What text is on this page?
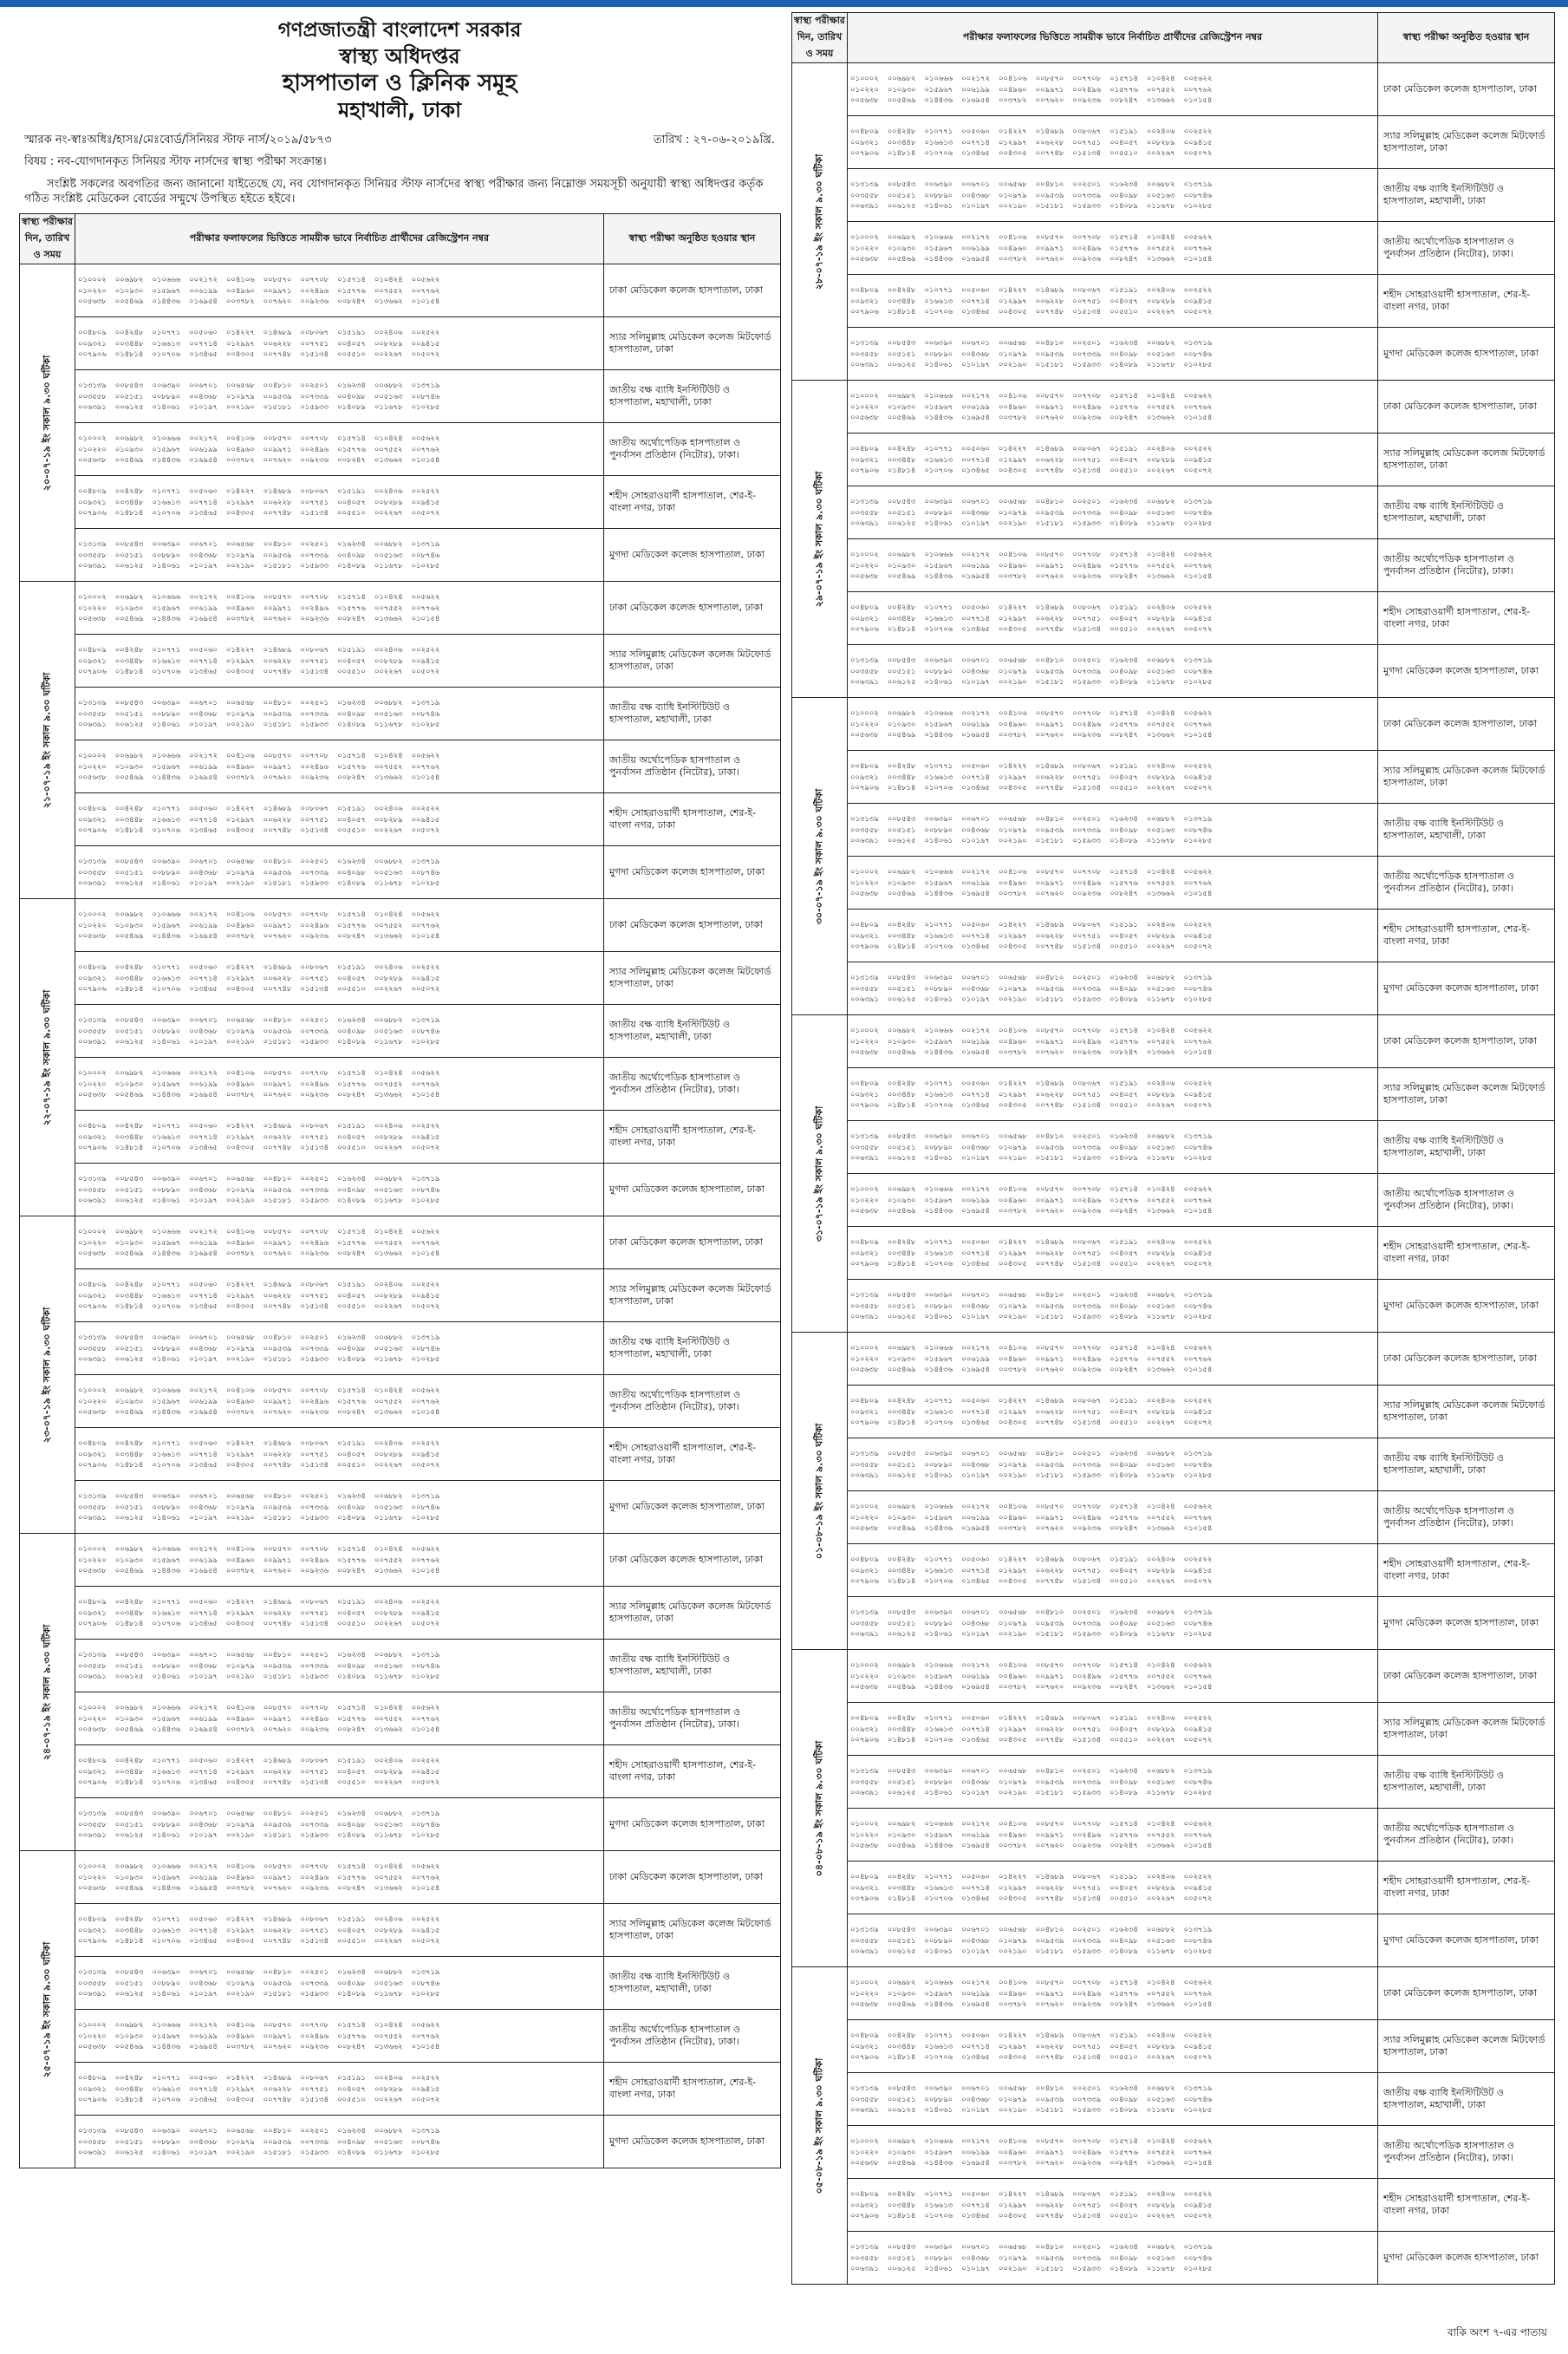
গণপ্রজাতন্ত্রী বাংলাদেশ সরকার
স্বাস্থ্য অধিদপ্তর
হাসপাতাল ও ক্লিনিক সমূহ
মহাখালী, ঢাকা
স্মারক নং-স্বাঃঅধিঃ/হাসঃ/মেঃবোর্ড/সিনিয়র স্টাফ নার্স/২০১৯/৫৮৭৩	তারিখ : ২৭-০৬-২০১৯খ্রি.
বিষয় : নব-যোগদানকৃত সিনিয়র স্টাফ নার্সদের স্বাস্থ্য পরীক্ষা সংক্রান্ত।
সংশ্লিষ্ট সকলের অবগতির জন্য জানানো যাইতেছে যে, নব যোগদানকৃত সিনিয়র স্টাফ নার্সদের স্বাস্থ্য পরীক্ষার জন্য নিম্নোক্ত সময়সূচী অনুযায়ী স্বাস্থ্য অধিদপ্তর কর্তৃক গঠিত সংশ্লিষ্ট মেডিকেল বোর্ডের সম্মুখে উপস্থিত হইতে হইবে।
স্বাস্থ্য পরীক্ষার দিন, তারিখ ও সময়	পরীক্ষার ফলাফলের ভিত্তিতে সাময়ীক ভাবে নির্বাচিত প্রার্থীদের রেজিস্ট্রেশন নম্বর	স্বাস্থ্য পরীক্ষা অনুষ্ঠিত হওয়ার স্থান

২০-০৭-১৯ ইং সকাল ৯.৩০ ঘটিকা	০১০০০২  ০০৬৯৮২  ০১০৬৬৬  ০০২১৭২  ০০৪১০৬  ০০৮৫৭০  ০০৭৭০৮  ০১৫৭১৪  ০১০৪২৪  ০০৫৬২২
০১০২২০  ০১০৯৩০  ০১৫৯৬৭  ০০৬১৯৯  ০০৪৯৬০  ০০৯৯৭১  ০০২৪৯৬  ০১৫৭৭৬  ০০৭৫৫২  ০০৭৭৬২
০০৫৬৩৮  ০০৫৪৬৯  ০১৪৪৩৬  ০১৬৯৫৪  ০০৩৭৮২  ০০৭৬২০  ০০৯২৩৬  ০০৮২৪৭  ০১৩৬৬২  ০১০১৫৪	ঢাকা মেডিকেল কলেজ হাসপাতাল, ঢাকা
	০০৪৮০৯  ০০৪২৪৮  ০১০৭৭১  ০০৫০৬০  ০১৪২২৭  ০১৪৬৮৯  ০০৮০৬৭  ০১৫১৯১  ০০২৪০৬  ০০২৫২২
০০৯৩২১  ০০৩৪৪৮  ০১৬৬১৩  ০০৭৭১৪  ০১২৯৯৭  ০০৬২২৮  ০০৭৭৫১  ০০৪০৫৭  ০০৮২৮৯  ০০৯৪১৫
০০৭৯০৬  ০১৪৮১৪  ০১০৭০৬  ০১৩৪৬৫  ০০৪৩০৫  ০০৭৭৪৮  ০১৫১৩৪  ০০৫৫১০  ০০২২৬৭  ০০৫০৭২	স্যার সলিমুল্লাহ মেডিকেল কলেজ মিটফোর্ড হাসপাতাল, ঢাকা
	০১৩১৩৯  ০০৮৫৪৩  ০০৬৩৯০  ০০৬৭০১  ০০৬৫৬৮  ০০৪৮১০  ০০২৫০১  ০১৬২৩৪  ০০৬৮৮২  ০১৩৭১৯
০০৩৫৫৮  ০০৫১৫১  ০০৮৮৯০  ০০৪৩৬৮  ০১০৯৭৯  ০০৯৫৩৯  ০০৭৩৩৯  ০০৪০৯৮  ০০৫১৬৩  ০০৮৭৪৬
০০৬৩৯১  ০০৬১২৫  ০১৪০৬১  ০১০১৯৭  ০০২১৯০  ০১৫১৮১  ০১৫৯৩৩  ০১৪০৮৯  ০১১৬৭৮  ০১০২৮৫	জাতীয় বক্ষ ব্যাধি ইনস্টিটিউট ও হাসপাতাল, মহাখালী, ঢাকা
	০১০০০২  ০০৬৯৮২  ০১০৬৬৬  ০০২১৭২  ০০৪১০৬  ০০৮৫৭০  ০০৭৭০৮  ০১৫৭১৪  ০১০৪২৪  ০০৫৬২২
০১০২২০  ০১০৯৩০  ০১৫৯৬৭  ০০৬১৯৯  ০০৪৯৬০  ০০৯৯৭১  ০০২৪৯৬  ০১৫৭৭৬  ০০৭৫৫২  ০০৭৭৬২
০০৫৬৩৮  ০০৫৪৬৯  ০১৪৪৩৬  ০১৬৯৫৪  ০০৩৭৮২  ০০৭৬২০  ০০৯২৩৬  ০০৮২৪৭  ০১৩৬৬২  ০১০১৫৪	জাতীয় অর্থোপেডিক হাসপাতাল ও পুনর্বাসন প্রতিষ্ঠান (নিটোর), ঢাকা।
	০০৪৮০৯  ০০৪২৪৮  ০১০৭৭১  ০০৫০৬০  ০১৪২২৭  ০১৪৬৮৯  ০০৮০৬৭  ০১৫১৯১  ০০২৪০৬  ০০২৫২২
০০৯৩২১  ০০৩৪৪৮  ০১৬৬১৩  ০০৭৭১৪  ০১২৯৯৭  ০০৬২২৮  ০০৭৭৫১  ০০৪০৫৭  ০০৮২৮৯  ০০৯৪১৫
০০৭৯০৬  ০১৪৮১৪  ০১০৭০৬  ০১৩৪৬৫  ০০৪৩০৫  ০০৭৭৪৮  ০১৫১৩৪  ০০৫৫১০  ০০২২৬৭  ০০৫০৭২	শহীদ সোহরাওয়ার্দী হাসপাতাল, শের-ই-বাংলা নগর, ঢাকা
	০১৩১৩৯  ০০৮৫৪৩  ০০৬৩৯০  ০০৬৭০১  ০০৬৫৬৮  ০০৪৮১০  ০০২৫০১  ০১৬২৩৪  ০০৬৮৮২  ০১৩৭১৯
০০৩৫৫৮  ০০৫১৫১  ০০৮৮৯০  ০০৪৩৬৮  ০১০৯৭৯  ০০৯৫৩৯  ০০৭৩৩৯  ০০৪০৯৮  ০০৫১৬৩  ০০৮৭৪৬
০০৬৩৯১  ০০৬১২৫  ০১৪০৬১  ০১০১৯৭  ০০২১৯০  ০১৫১৮১  ০১৫৯৩৩  ০১৪০৮৯  ০১১৬৭৮  ০১০২৮৫	মুগদা মেডিকেল কলেজ হাসপাতাল, ঢাকা

২১-০৭-১৯ ইং সকাল ৯.৩০ ঘটিকা	০১০০০২  ০০৬৯৮২  ০১০৬৬৬  ০০২১৭২  ০০৪১০৬  ০০৮৫৭০  ০০৭৭০৮  ০১৫৭১৪  ০১০৪২৪  ০০৫৬২২
০১০২২০  ০১০৯৩০  ০১৫৯৬৭  ০০৬১৯৯  ০০৪৯৬০  ০০৯৯৭১  ০০২৪৯৬  ০১৫৭৭৬  ০০৭৫৫২  ০০৭৭৬২
০০৫৬৩৮  ০০৫৪৬৯  ০১৪৪৩৬  ০১৬৯৫৪  ০০৩৭৮২  ০০৭৬২০  ০০৯২৩৬  ০০৮২৪৭  ০১৩৬৬২  ০১০১৫৪	ঢাকা মেডিকেল কলেজ হাসপাতাল, ঢাকা
	০০৪৮০৯  ০০৪২৪৮  ০১০৭৭১  ০০৫০৬০  ০১৪২২৭  ০১৪৬৮৯  ০০৮০৬৭  ০১৫১৯১  ০০২৪০৬  ০০২৫২২
০০৯৩২১  ০০৩৪৪৮  ০১৬৬১৩  ০০৭৭১৪  ০১২৯৯৭  ০০৬২২৮  ০০৭৭৫১  ০০৪০৫৭  ০০৮২৮৯  ০০৯৪১৫
০০৭৯০৬  ০১৪৮১৪  ০১০৭০৬  ০১৩৪৬৫  ০০৪৩০৫  ০০৭৭৪৮  ০১৫১৩৪  ০০৫৫১০  ০০২২৬৭  ০০৫০৭২	স্যার সলিমুল্লাহ মেডিকেল কলেজ মিটফোর্ড হাসপাতাল, ঢাকা
	০১৩১৩৯  ০০৮৫৪৩  ০০৬৩৯০  ০০৬৭০১  ০০৬৫৬৮  ০০৪৮১০  ০০২৫০১  ০১৬২৩৪  ০০৬৮৮২  ০১৩৭১৯
০০৩৫৫৮  ০০৫১৫১  ০০৮৮৯০  ০০৪৩৬৮  ০১০৯৭৯  ০০৯৫৩৯  ০০৭৩৩৯  ০০৪০৯৮  ০০৫১৬৩  ০০৮৭৪৬
০০৬৩৯১  ০০৬১২৫  ০১৪০৬১  ০১০১৯৭  ০০২১৯০  ০১৫১৮১  ০১৫৯৩৩  ০১৪০৮৯  ০১১৬৭৮  ০১০২৮৫	জাতীয় বক্ষ ব্যাধি ইনস্টিটিউট ও হাসপাতাল, মহাখালী, ঢাকা
	০১০০০২  ০০৬৯৮২  ০১০৬৬৬  ০০২১৭২  ০০৪১০৬  ০০৮৫৭০  ০০৭৭০৮  ০১৫৭১৪  ০১০৪২৪  ০০৫৬২২
০১০২২০  ০১০৯৩০  ০১৫৯৬৭  ০০৬১৯৯  ০০৪৯৬০  ০০৯৯৭১  ০০২৪৯৬  ০১৫৭৭৬  ০০৭৫৫২  ০০৭৭৬২
০০৫৬৩৮  ০০৫৪৬৯  ০১৪৪৩৬  ০১৬৯৫৪  ০০৩৭৮২  ০০৭৬২০  ০০৯২৩৬  ০০৮২৪৭  ০১৩৬৬২  ০১০১৫৪	জাতীয় অর্থোপেডিক হাসপাতাল ও পুনর্বাসন প্রতিষ্ঠান (নিটোর), ঢাকা।
	০০৪৮০৯  ০০৪২৪৮  ০১০৭৭১  ০০৫০৬০  ০১৪২২৭  ০১৪৬৮৯  ০০৮০৬৭  ০১৫১৯১  ০০২৪০৬  ০০২৫২২
০০৯৩২১  ০০৩৪৪৮  ০১৬৬১৩  ০০৭৭১৪  ০১২৯৯৭  ০০৬২২৮  ০০৭৭৫১  ০০৪০৫৭  ০০৮২৮৯  ০০৯৪১৫
০০৭৯০৬  ০১৪৮১৪  ০১০৭০৬  ০১৩৪৬৫  ০০৪৩০৫  ০০৭৭৪৮  ০১৫১৩৪  ০০৫৫১০  ০০২২৬৭  ০০৫০৭২	শহীদ সোহরাওয়ার্দী হাসপাতাল, শের-ই-বাংলা নগর, ঢাকা
	০১৩১৩৯  ০০৮৫৪৩  ০০৬৩৯০  ০০৬৭০১  ০০৬৫৬৮  ০০৪৮১০  ০০২৫০১  ০১৬২৩৪  ০০৬৮৮২  ০১৩৭১৯
০০৩৫৫৮  ০০৫১৫১  ০০৮৮৯০  ০০৪৩৬৮  ০১০৯৭৯  ০০৯৫৩৯  ০০৭৩৩৯  ০০৪০৯৮  ০০৫১৬৩  ০০৮৭৪৬
০০৬৩৯১  ০০৬১২৫  ০১৪০৬১  ০১০১৯৭  ০০২১৯০  ০১৫১৮১  ০১৫৯৩৩  ০১৪০৮৯  ০১১৬৭৮  ০১০২৮৫	মুগদা মেডিকেল কলেজ হাসপাতাল, ঢাকা

২২-০৭-১৯ ইং সকাল ৯.৩০ ঘটিকা	০১০০০২  ০০৬৯৮২  ০১০৬৬৬  ০০২১৭২  ০০৪১০৬  ০০৮৫৭০  ০০৭৭০৮  ০১৫৭১৪  ০১০৪২৪  ০০৫৬২২
০১০২২০  ০১০৯৩০  ০১৫৯৬৭  ০০৬১৯৯  ০০৪৯৬০  ০০৯৯৭১  ০০২৪৯৬  ০১৫৭৭৬  ০০৭৫৫২  ০০৭৭৬২
০০৫৬৩৮  ০০৫৪৬৯  ০১৪৪৩৬  ০১৬৯৫৪  ০০৩৭৮২  ০০৭৬২০  ০০৯২৩৬  ০০৮২৪৭  ০১৩৬৬২  ০১০১৫৪	ঢাকা মেডিকেল কলেজ হাসপাতাল, ঢাকা
	০০৪৮০৯  ০০৪২৪৮  ০১০৭৭১  ০০৫০৬০  ০১৪২২৭  ০১৪৬৮৯  ০০৮০৬৭  ০১৫১৯১  ০০২৪০৬  ০০২৫২২
০০৯৩২১  ০০৩৪৪৮  ০১৬৬১৩  ০০৭৭১৪  ০১২৯৯৭  ০০৬২২৮  ০০৭৭৫১  ০০৪০৫৭  ০০৮২৮৯  ০০৯৪১৫
০০৭৯০৬  ০১৪৮১৪  ০১০৭০৬  ০১৩৪৬৫  ০০৪৩০৫  ০০৭৭৪৮  ০১৫১৩৪  ০০৫৫১০  ০০২২৬৭  ০০৫০৭২	স্যার সলিমুল্লাহ মেডিকেল কলেজ মিটফোর্ড হাসপাতাল, ঢাকা
	০১৩১৩৯  ০০৮৫৪৩  ০০৬৩৯০  ০০৬৭০১  ০০৬৫৬৮  ০০৪৮১০  ০০২৫০১  ০১৬২৩৪  ০০৬৮৮২  ০১৩৭১৯
০০৩৫৫৮  ০০৫১৫১  ০০৮৮৯০  ০০৪৩৬৮  ০১০৯৭৯  ০০৯৫৩৯  ০০৭৩৩৯  ০০৪০৯৮  ০০৫১৬৩  ০০৮৭৪৬
০০৬৩৯১  ০০৬১২৫  ০১৪০৬১  ০১০১৯৭  ০০২১৯০  ০১৫১৮১  ০১৫৯৩৩  ০১৪০৮৯  ০১১৬৭৮  ০১০২৮৫	জাতীয় বক্ষ ব্যাধি ইনস্টিটিউট ও হাসপাতাল, মহাখালী, ঢাকা
	০১০০০২  ০০৬৯৮২  ০১০৬৬৬  ০০২১৭২  ০০৪১০৬  ০০৮৫৭০  ০০৭৭০৮  ০১৫৭১৪  ০১০৪২৪  ০০৫৬২২
০১০২২০  ০১০৯৩০  ০১৫৯৬৭  ০০৬১৯৯  ০০৪৯৬০  ০০৯৯৭১  ০০২৪৯৬  ০১৫৭৭৬  ০০৭৫৫২  ০০৭৭৬২
০০৫৬৩৮  ০০৫৪৬৯  ০১৪৪৩৬  ০১৬৯৫৪  ০০৩৭৮২  ০০৭৬২০  ০০৯২৩৬  ০০৮২৪৭  ০১৩৬৬২  ০১০১৫৪	জাতীয় অর্থোপেডিক হাসপাতাল ও পুনর্বাসন প্রতিষ্ঠান (নিটোর), ঢাকা।
	০০৪৮০৯  ০০৪২৪৮  ০১০৭৭১  ০০৫০৬০  ০১৪২২৭  ০১৪৬৮৯  ০০৮০৬৭  ০১৫১৯১  ০০২৪০৬  ০০২৫২২
০০৯৩২১  ০০৩৪৪৮  ০১৬৬১৩  ০০৭৭১৪  ০১২৯৯৭  ০০৬২২৮  ০০৭৭৫১  ০০৪০৫৭  ০০৮২৮৯  ০০৯৪১৫
০০৭৯০৬  ০১৪৮১৪  ০১০৭০৬  ০১৩৪৬৫  ০০৪৩০৫  ০০৭৭৪৮  ০১৫১৩৪  ০০৫৫১০  ০০২২৬৭  ০০৫০৭২	শহীদ সোহরাওয়ার্দী হাসপাতাল, শের-ই-বাংলা নগর, ঢাকা
	০১৩১৩৯  ০০৮৫৪৩  ০০৬৩৯০  ০০৬৭০১  ০০৬৫৬৮  ০০৪৮১০  ০০২৫০১  ০১৬২৩৪  ০০৬৮৮২  ০১৩৭১৯
০০৩৫৫৮  ০০৫১৫১  ০০৮৮৯০  ০০৪৩৬৮  ০১০৯৭৯  ০০৯৫৩৯  ০০৭৩৩৯  ০০৪০৯৮  ০০৫১৬৩  ০০৮৭৪৬
০০৬৩৯১  ০০৬১২৫  ০১৪০৬১  ০১০১৯৭  ০০২১৯০  ০১৫১৮১  ০১৫৯৩৩  ০১৪০৮৯  ০১১৬৭৮  ০১০২৮৫	মুগদা মেডিকেল কলেজ হাসপাতাল, ঢাকা

২৩-০৭-১৯ ইং সকাল ৯.৩০ ঘটিকা	০১০০০২  ০০৬৯৮২  ০১০৬৬৬  ০০২১৭২  ০০৪১০৬  ০০৮৫৭০  ০০৭৭০৮  ০১৫৭১৪  ০১০৪২৪  ০০৫৬২২
০১০২২০  ০১০৯৩০  ০১৫৯৬৭  ০০৬১৯৯  ০০৪৯৬০  ০০৯৯৭১  ০০২৪৯৬  ০১৫৭৭৬  ০০৭৫৫২  ০০৭৭৬২
০০৫৬৩৮  ০০৫৪৬৯  ০১৪৪৩৬  ০১৬৯৫৪  ০০৩৭৮২  ০০৭৬২০  ০০৯২৩৬  ০০৮২৪৭  ০১৩৬৬২  ০১০১৫৪	ঢাকা মেডিকেল কলেজ হাসপাতাল, ঢাকা
	০০৪৮০৯  ০০৪২৪৮  ০১০৭৭১  ০০৫০৬০  ০১৪২২৭  ০১৪৬৮৯  ০০৮০৬৭  ০১৫১৯১  ০০২৪০৬  ০০২৫২২
০০৯৩২১  ০০৩৪৪৮  ০১৬৬১৩  ০০৭৭১৪  ০১২৯৯৭  ০০৬২২৮  ০০৭৭৫১  ০০৪০৫৭  ০০৮২৮৯  ০০৯৪১৫
০০৭৯০৬  ০১৪৮১৪  ০১০৭০৬  ০১৩৪৬৫  ০০৪৩০৫  ০০৭৭৪৮  ০১৫১৩৪  ০০৫৫১০  ০০২২৬৭  ০০৫০৭২	স্যার সলিমুল্লাহ মেডিকেল কলেজ মিটফোর্ড হাসপাতাল, ঢাকা
	০১৩১৩৯  ০০৮৫৪৩  ০০৬৩৯০  ০০৬৭০১  ০০৬৫৬৮  ০০৪৮১০  ০০২৫০১  ০১৬২৩৪  ০০৬৮৮২  ০১৩৭১৯
০০৩৫৫৮  ০০৫১৫১  ০০৮৮৯০  ০০৪৩৬৮  ০১০৯৭৯  ০০৯৫৩৯  ০০৭৩৩৯  ০০৪০৯৮  ০০৫১৬৩  ০০৮৭৪৬
০০৬৩৯১  ০০৬১২৫  ০১৪০৬১  ০১০১৯৭  ০০২১৯০  ০১৫১৮১  ০১৫৯৩৩  ০১৪০৮৯  ০১১৬৭৮  ০১০২৮৫	জাতীয় বক্ষ ব্যাধি ইনস্টিটিউট ও হাসপাতাল, মহাখালী, ঢাকা
	০১০০০২  ০০৬৯৮২  ০১০৬৬৬  ০০২১৭২  ০০৪১০৬  ০০৮৫৭০  ০০৭৭০৮  ০১৫৭১৪  ০১০৪২৪  ০০৫৬২২
০১০২২০  ০১০৯৩০  ০১৫৯৬৭  ০০৬১৯৯  ০০৪৯৬০  ০০৯৯৭১  ০০২৪৯৬  ০১৫৭৭৬  ০০৭৫৫২  ০০৭৭৬২
০০৫৬৩৮  ০০৫৪৬৯  ০১৪৪৩৬  ০১৬৯৫৪  ০০৩৭৮২  ০০৭৬২০  ০০৯২৩৬  ০০৮২৪৭  ০১৩৬৬২  ০১০১৫৪	জাতীয় অর্থোপেডিক হাসপাতাল ও পুনর্বাসন প্রতিষ্ঠান (নিটোর), ঢাকা।
	০০৪৮০৯  ০০৪২৪৮  ০১০৭৭১  ০০৫০৬০  ০১৪২২৭  ০১৪৬৮৯  ০০৮০৬৭  ০১৫১৯১  ০০২৪০৬  ০০২৫২২
০০৯৩২১  ০০৩৪৪৮  ০১৬৬১৩  ০০৭৭১৪  ০১২৯৯৭  ০০৬২২৮  ০০৭৭৫১  ০০৪০৫৭  ০০৮২৮৯  ০০৯৪১৫
০০৭৯০৬  ০১৪৮১৪  ০১০৭০৬  ০১৩৪৬৫  ০০৪৩০৫  ০০৭৭৪৮  ০১৫১৩৪  ০০৫৫১০  ০০২২৬৭  ০০৫০৭২	শহীদ সোহরাওয়ার্দী হাসপাতাল, শের-ই-বাংলা নগর, ঢাকা
	০১৩১৩৯  ০০৮৫৪৩  ০০৬৩৯০  ০০৬৭০১  ০০৬৫৬৮  ০০৪৮১০  ০০২৫০১  ০১৬২৩৪  ০০৬৮৮২  ০১৩৭১৯
০০৩৫৫৮  ০০৫১৫১  ০০৮৮৯০  ০০৪৩৬৮  ০১০৯৭৯  ০০৯৫৩৯  ০০৭৩৩৯  ০০৪০৯৮  ০০৫১৬৩  ০০৮৭৪৬
০০৬৩৯১  ০০৬১২৫  ০১৪০৬১  ০১০১৯৭  ০০২১৯০  ০১৫১৮১  ০১৫৯৩৩  ০১৪০৮৯  ০১১৬৭৮  ০১০২৮৫	মুগদা মেডিকেল কলেজ হাসপাতাল, ঢাকা

২৪-০৭-১৯ ইং সকাল ৯.৩০ ঘটিকা	০১০০০২  ০০৬৯৮২  ০১০৬৬৬  ০০২১৭২  ০০৪১০৬  ০০৮৫৭০  ০০৭৭০৮  ০১৫৭১৪  ০১০৪২৪  ০০৫৬২২
০১০২২০  ০১০৯৩০  ০১৫৯৬৭  ০০৬১৯৯  ০০৪৯৬০  ০০৯৯৭১  ০০২৪৯৬  ০১৫৭৭৬  ০০৭৫৫২  ০০৭৭৬২
০০৫৬৩৮  ০০৫৪৬৯  ০১৪৪৩৬  ০১৬৯৫৪  ০০৩৭৮২  ০০৭৬২০  ০০৯২৩৬  ০০৮২৪৭  ০১৩৬৬২  ০১০১৫৪	ঢাকা মেডিকেল কলেজ হাসপাতাল, ঢাকা
	০০৪৮০৯  ০০৪২৪৮  ০১০৭৭১  ০০৫০৬০  ০১৪২২৭  ০১৪৬৮৯  ০০৮০৬৭  ০১৫১৯১  ০০২৪০৬  ০০২৫২২
০০৯৩২১  ০০৩৪৪৮  ০১৬৬১৩  ০০৭৭১৪  ০১২৯৯৭  ০০৬২২৮  ০০৭৭৫১  ০০৪০৫৭  ০০৮২৮৯  ০০৯৪১৫
০০৭৯০৬  ০১৪৮১৪  ০১০৭০৬  ০১৩৪৬৫  ০০৪৩০৫  ০০৭৭৪৮  ০১৫১৩৪  ০০৫৫১০  ০০২২৬৭  ০০৫০৭২	স্যার সলিমুল্লাহ মেডিকেল কলেজ মিটফোর্ড হাসপাতাল, ঢাকা
	০১৩১৩৯  ০০৮৫৪৩  ০০৬৩৯০  ০০৬৭০১  ০০৬৫৬৮  ০০৪৮১০  ০০২৫০১  ০১৬২৩৪  ০০৬৮৮২  ০১৩৭১৯
০০৩৫৫৮  ০০৫১৫১  ০০৮৮৯০  ০০৪৩৬৮  ০১০৯৭৯  ০০৯৫৩৯  ০০৭৩৩৯  ০০৪০৯৮  ০০৫১৬৩  ০০৮৭৪৬
০০৬৩৯১  ০০৬১২৫  ০১৪০৬১  ০১০১৯৭  ০০২১৯০  ০১৫১৮১  ০১৫৯৩৩  ০১৪০৮৯  ০১১৬৭৮  ০১০২৮৫	জাতীয় বক্ষ ব্যাধি ইনস্টিটিউট ও হাসপাতাল, মহাখালী, ঢাকা
	০১০০০২  ০০৬৯৮২  ০১০৬৬৬  ০০২১৭২  ০০৪১০৬  ০০৮৫৭০  ০০৭৭০৮  ০১৫৭১৪  ০১০৪২৪  ০০৫৬২২
০১০২২০  ০১০৯৩০  ০১৫৯৬৭  ০০৬১৯৯  ০০৪৯৬০  ০০৯৯৭১  ০০২৪৯৬  ০১৫৭৭৬  ০০৭৫৫২  ০০৭৭৬২
০০৫৬৩৮  ০০৫৪৬৯  ০১৪৪৩৬  ০১৬৯৫৪  ০০৩৭৮২  ০০৭৬২০  ০০৯২৩৬  ০০৮২৪৭  ০১৩৬৬২  ০১০১৫৪	জাতীয় অর্থোপেডিক হাসপাতাল ও পুনর্বাসন প্রতিষ্ঠান (নিটোর), ঢাকা।
	০০৪৮০৯  ০০৪২৪৮  ০১০৭৭১  ০০৫০৬০  ০১৪২২৭  ০১৪৬৮৯  ০০৮০৬৭  ০১৫১৯১  ০০২৪০৬  ০০২৫২২
০০৯৩২১  ০০৩৪৪৮  ০১৬৬১৩  ০০৭৭১৪  ০১২৯৯৭  ০০৬২২৮  ০০৭৭৫১  ০০৪০৫৭  ০০৮২৮৯  ০০৯৪১৫
০০৭৯০৬  ০১৪৮১৪  ০১০৭০৬  ০১৩৪৬৫  ০০৪৩০৫  ০০৭৭৪৮  ০১৫১৩৪  ০০৫৫১০  ০০২২৬৭  ০০৫০৭২	শহীদ সোহরাওয়ার্দী হাসপাতাল, শের-ই-বাংলা নগর, ঢাকা
	০১৩১৩৯  ০০৮৫৪৩  ০০৬৩৯০  ০০৬৭০১  ০০৬৫৬৮  ০০৪৮১০  ০০২৫০১  ০১৬২৩৪  ০০৬৮৮২  ০১৩৭১৯
০০৩৫৫৮  ০০৫১৫১  ০০৮৮৯০  ০০৪৩৬৮  ০১০৯৭৯  ০০৯৫৩৯  ০০৭৩৩৯  ০০৪০৯৮  ০০৫১৬৩  ০০৮৭৪৬
০০৬৩৯১  ০০৬১২৫  ০১৪০৬১  ০১০১৯৭  ০০২১৯০  ০১৫১৮১  ০১৫৯৩৩  ০১৪০৮৯  ০১১৬৭৮  ০১০২৮৫	মুগদা মেডিকেল কলেজ হাসপাতাল, ঢাকা

২৫-০৭-১৯ ইং সকাল ৯.৩০ ঘটিকা	০১০০০২  ০০৬৯৮২  ০১০৬৬৬  ০০২১৭২  ০০৪১০৬  ০০৮৫৭০  ০০৭৭০৮  ০১৫৭১৪  ০১০৪২৪  ০০৫৬২২
০১০২২০  ০১০৯৩০  ০১৫৯৬৭  ০০৬১৯৯  ০০৪৯৬০  ০০৯৯৭১  ০০২৪৯৬  ০১৫৭৭৬  ০০৭৫৫২  ০০৭৭৬২
০০৫৬৩৮  ০০৫৪৬৯  ০১৪৪৩৬  ০১৬৯৫৪  ০০৩৭৮২  ০০৭৬২০  ০০৯২৩৬  ০০৮২৪৭  ০১৩৬৬২  ০১০১৫৪	ঢাকা মেডিকেল কলেজ হাসপাতাল, ঢাকা
	০০৪৮০৯  ০০৪২৪৮  ০১০৭৭১  ০০৫০৬০  ০১৪২২৭  ০১৪৬৮৯  ০০৮০৬৭  ০১৫১৯১  ০০২৪০৬  ০০২৫২২
০০৯৩২১  ০০৩৪৪৮  ০১৬৬১৩  ০০৭৭১৪  ০১২৯৯৭  ০০৬২২৮  ০০৭৭৫১  ০০৪০৫৭  ০০৮২৮৯  ০০৯৪১৫
০০৭৯০৬  ০১৪৮১৪  ০১০৭০৬  ০১৩৪৬৫  ০০৪৩০৫  ০০৭৭৪৮  ০১৫১৩৪  ০০৫৫১০  ০০২২৬৭  ০০৫০৭২	স্যার সলিমুল্লাহ মেডিকেল কলেজ মিটফোর্ড হাসপাতাল, ঢাকা
	০১৩১৩৯  ০০৮৫৪৩  ০০৬৩৯০  ০০৬৭০১  ০০৬৫৬৮  ০০৪৮১০  ০০২৫০১  ০১৬২৩৪  ০০৬৮৮২  ০১৩৭১৯
০০৩৫৫৮  ০০৫১৫১  ০০৮৮৯০  ০০৪৩৬৮  ০১০৯৭৯  ০০৯৫৩৯  ০০৭৩৩৯  ০০৪০৯৮  ০০৫১৬৩  ০০৮৭৪৬
০০৬৩৯১  ০০৬১২৫  ০১৪০৬১  ০১০১৯৭  ০০২১৯০  ০১৫১৮১  ০১৫৯৩৩  ০১৪০৮৯  ০১১৬৭৮  ০১০২৮৫	জাতীয় বক্ষ ব্যাধি ইনস্টিটিউট ও হাসপাতাল, মহাখালী, ঢাকা
	০১০০০২  ০০৬৯৮২  ০১০৬৬৬  ০০২১৭২  ০০৪১০৬  ০০৮৫৭০  ০০৭৭০৮  ০১৫৭১৪  ০১০৪২৪  ০০৫৬২২
০১০২২০  ০১০৯৩০  ০১৫৯৬৭  ০০৬১৯৯  ০০৪৯৬০  ০০৯৯৭১  ০০২৪৯৬  ০১৫৭৭৬  ০০৭৫৫২  ০০৭৭৬২
০০৫৬৩৮  ০০৫৪৬৯  ০১৪৪৩৬  ০১৬৯৫৪  ০০৩৭৮২  ০০৭৬২০  ০০৯২৩৬  ০০৮২৪৭  ০১৩৬৬২  ০১০১৫৪	জাতীয় অর্থোপেডিক হাসপাতাল ও পুনর্বাসন প্রতিষ্ঠান (নিটোর), ঢাকা।
	০০৪৮০৯  ০০৪২৪৮  ০১০৭৭১  ০০৫০৬০  ০১৪২২৭  ০১৪৬৮৯  ০০৮০৬৭  ০১৫১৯১  ০০২৪০৬  ০০২৫২২
০০৯৩২১  ০০৩৪৪৮  ০১৬৬১৩  ০০৭৭১৪  ০১২৯৯৭  ০০৬২২৮  ০০৭৭৫১  ০০৪০৫৭  ০০৮২৮৯  ০০৯৪১৫
০০৭৯০৬  ০১৪৮১৪  ০১০৭০৬  ০১৩৪৬৫  ০০৪৩০৫  ০০৭৭৪৮  ০১৫১৩৪  ০০৫৫১০  ০০২২৬৭  ০০৫০৭২	শহীদ সোহরাওয়ার্দী হাসপাতাল, শের-ই-বাংলা নগর, ঢাকা
	০১৩১৩৯  ০০৮৫৪৩  ০০৬৩৯০  ০০৬৭০১  ০০৬৫৬৮  ০০৪৮১০  ০০২৫০১  ০১৬২৩৪  ০০৬৮৮২  ০১৩৭১৯
০০৩৫৫৮  ০০৫১৫১  ০০৮৮৯০  ০০৪৩৬৮  ০১০৯৭৯  ০০৯৫৩৯  ০০৭৩৩৯  ০০৪০৯৮  ০০৫১৬৩  ০০৮৭৪৬
০০৬৩৯১  ০০৬১২৫  ০১৪০৬১  ০১০১৯৭  ০০২১৯০  ০১৫১৮১  ০১৫৯৩৩  ০১৪০৮৯  ০১১৬৭৮  ০১০২৮৫	মুগদা মেডিকেল কলেজ হাসপাতাল, ঢাকা
স্বাস্থ্য পরীক্ষার দিন, তারিখ ও সময়	পরীক্ষার ফলাফলের ভিত্তিতে সাময়ীক ভাবে নির্বাচিত প্রার্থীদের রেজিস্ট্রেশন নম্বর	স্বাস্থ্য পরীক্ষা অনুষ্ঠিত হওয়ার স্থান

২৮-০৭-১৯ ইং সকাল ৯.৩০ ঘটিকা	০১০০০২  ০০৬৯৮২  ০১০৬৬৬  ০০২১৭২  ০০৪১০৬  ০০৮৫৭০  ০০৭৭০৮  ০১৫৭১৪  ০১০৪২৪  ০০৫৬২২
০১০২২০  ০১০৯৩০  ০১৫৯৬৭  ০০৬১৯৯  ০০৪৯৬০  ০০৯৯৭১  ০০২৪৯৬  ০১৫৭৭৬  ০০৭৫৫২  ০০৭৭৬২
০০৫৬৩৮  ০০৫৪৬৯  ০১৪৪৩৬  ০১৬৯৫৪  ০০৩৭৮২  ০০৭৬২০  ০০৯২৩৬  ০০৮২৪৭  ০১৩৬৬২  ০১০১৫৪	ঢাকা মেডিকেল কলেজ হাসপাতাল, ঢাকা
	০০৪৮০৯  ০০৪২৪৮  ০১০৭৭১  ০০৫০৬০  ০১৪২২৭  ০১৪৬৮৯  ০০৮০৬৭  ০১৫১৯১  ০০২৪০৬  ০০২৫২২
০০৯৩২১  ০০৩৪৪৮  ০১৬৬১৩  ০০৭৭১৪  ০১২৯৯৭  ০০৬২২৮  ০০৭৭৫১  ০০৪০৫৭  ০০৮২৮৯  ০০৯৪১৫
০০৭৯০৬  ০১৪৮১৪  ০১০৭০৬  ০১৩৪৬৫  ০০৪৩০৫  ০০৭৭৪৮  ০১৫১৩৪  ০০৫৫১০  ০০২২৬৭  ০০৫০৭২	স্যার সলিমুল্লাহ মেডিকেল কলেজ মিটফোর্ড হাসপাতাল, ঢাকা
	০১৩১৩৯  ০০৮৫৪৩  ০০৬৩৯০  ০০৬৭০১  ০০৬৫৬৮  ০০৪৮১০  ০০২৫০১  ০১৬২৩৪  ০০৬৮৮২  ০১৩৭১৯
০০৩৫৫৮  ০০৫১৫১  ০০৮৮৯০  ০০৪৩৬৮  ০১০৯৭৯  ০০৯৫৩৯  ০০৭৩৩৯  ০০৪০৯৮  ০০৫১৬৩  ০০৮৭৪৬
০০৬৩৯১  ০০৬১২৫  ০১৪০৬১  ০১০১৯৭  ০০২১৯০  ০১৫১৮১  ০১৫৯৩৩  ০১৪০৮৯  ০১১৬৭৮  ০১০২৮৫	জাতীয় বক্ষ ব্যাধি ইনস্টিটিউট ও হাসপাতাল, মহাখালী, ঢাকা
	০১০০০২  ০০৬৯৮২  ০১০৬৬৬  ০০২১৭২  ০০৪১০৬  ০০৮৫৭০  ০০৭৭০৮  ০১৫৭১৪  ০১০৪২৪  ০০৫৬২২
০১০২২০  ০১০৯৩০  ০১৫৯৬৭  ০০৬১৯৯  ০০৪৯৬০  ০০৯৯৭১  ০০২৪৯৬  ০১৫৭৭৬  ০০৭৫৫২  ০০৭৭৬২
০০৫৬৩৮  ০০৫৪৬৯  ০১৪৪৩৬  ০১৬৯৫৪  ০০৩৭৮২  ০০৭৬২০  ০০৯২৩৬  ০০৮২৪৭  ০১৩৬৬২  ০১০১৫৪	জাতীয় অর্থোপেডিক হাসপাতাল ও পুনর্বাসন প্রতিষ্ঠান (নিটোর), ঢাকা।
	০০৪৮০৯  ০০৪২৪৮  ০১০৭৭১  ০০৫০৬০  ০১৪২২৭  ০১৪৬৮৯  ০০৮০৬৭  ০১৫১৯১  ০০২৪০৬  ০০২৫২২
০০৯৩২১  ০০৩৪৪৮  ০১৬৬১৩  ০০৭৭১৪  ০১২৯৯৭  ০০৬২২৮  ০০৭৭৫১  ০০৪০৫৭  ০০৮২৮৯  ০০৯৪১৫
০০৭৯০৬  ০১৪৮১৪  ০১০৭০৬  ০১৩৪৬৫  ০০৪৩০৫  ০০৭৭৪৮  ০১৫১৩৪  ০০৫৫১০  ০০২২৬৭  ০০৫০৭২	শহীদ সোহরাওয়ার্দী হাসপাতাল, শের-ই-বাংলা নগর, ঢাকা
	০১৩১৩৯  ০০৮৫৪৩  ০০৬৩৯০  ০০৬৭০১  ০০৬৫৬৮  ০০৪৮১০  ০০২৫০১  ০১৬২৩৪  ০০৬৮৮২  ০১৩৭১৯
০০৩৫৫৮  ০০৫১৫১  ০০৮৮৯০  ০০৪৩৬৮  ০১০৯৭৯  ০০৯৫৩৯  ০০৭৩৩৯  ০০৪০৯৮  ০০৫১৬৩  ০০৮৭৪৬
০০৬৩৯১  ০০৬১২৫  ০১৪০৬১  ০১০১৯৭  ০০২১৯০  ০১৫১৮১  ০১৫৯৩৩  ০১৪০৮৯  ০১১৬৭৮  ০১০২৮৫	মুগদা মেডিকেল কলেজ হাসপাতাল, ঢাকা

২৯-০৭-১৯ ইং সকাল ৯.৩০ ঘটিকা	০১০০০২  ০০৬৯৮২  ০১০৬৬৬  ০০২১৭২  ০০৪১০৬  ০০৮৫৭০  ০০৭৭০৮  ০১৫৭১৪  ০১০৪২৪  ০০৫৬২২
০১০২২০  ০১০৯৩০  ০১৫৯৬৭  ০০৬১৯৯  ০০৪৯৬০  ০০৯৯৭১  ০০২৪৯৬  ০১৫৭৭৬  ০০৭৫৫২  ০০৭৭৬২
০০৫৬৩৮  ০০৫৪৬৯  ০১৪৪৩৬  ০১৬৯৫৪  ০০৩৭৮২  ০০৭৬২০  ০০৯২৩৬  ০০৮২৪৭  ০১৩৬৬২  ০১০১৫৪	ঢাকা মেডিকেল কলেজ হাসপাতাল, ঢাকা
	০০৪৮০৯  ০০৪২৪৮  ০১০৭৭১  ০০৫০৬০  ০১৪২২৭  ০১৪৬৮৯  ০০৮০৬৭  ০১৫১৯১  ০০২৪০৬  ০০২৫২২
০০৯৩২১  ০০৩৪৪৮  ০১৬৬১৩  ০০৭৭১৪  ০১২৯৯৭  ০০৬২২৮  ০০৭৭৫১  ০০৪০৫৭  ০০৮২৮৯  ০০৯৪১৫
০০৭৯০৬  ০১৪৮১৪  ০১০৭০৬  ০১৩৪৬৫  ০০৪৩০৫  ০০৭৭৪৮  ০১৫১৩৪  ০০৫৫১০  ০০২২৬৭  ০০৫০৭২	স্যার সলিমুল্লাহ মেডিকেল কলেজ মিটফোর্ড হাসপাতাল, ঢাকা
	০১৩১৩৯  ০০৮৫৪৩  ০০৬৩৯০  ০০৬৭০১  ০০৬৫৬৮  ০০৪৮১০  ০০২৫০১  ০১৬২৩৪  ০০৬৮৮২  ০১৩৭১৯
০০৩৫৫৮  ০০৫১৫১  ০০৮৮৯০  ০০৪৩৬৮  ০১০৯৭৯  ০০৯৫৩৯  ০০৭৩৩৯  ০০৪০৯৮  ০০৫১৬৩  ০০৮৭৪৬
০০৬৩৯১  ০০৬১২৫  ০১৪০৬১  ০১০১৯৭  ০০২১৯০  ০১৫১৮১  ০১৫৯৩৩  ০১৪০৮৯  ০১১৬৭৮  ০১০২৮৫	জাতীয় বক্ষ ব্যাধি ইনস্টিটিউট ও হাসপাতাল, মহাখালী, ঢাকা
	০১০০০২  ০০৬৯৮২  ০১০৬৬৬  ০০২১৭২  ০০৪১০৬  ০০৮৫৭০  ০০৭৭০৮  ০১৫৭১৪  ০১০৪২৪  ০০৫৬২২
০১০২২০  ০১০৯৩০  ০১৫৯৬৭  ০০৬১৯৯  ০০৪৯৬০  ০০৯৯৭১  ০০২৪৯৬  ০১৫৭৭৬  ০০৭৫৫২  ০০৭৭৬২
০০৫৬৩৮  ০০৫৪৬৯  ০১৪৪৩৬  ০১৬৯৫৪  ০০৩৭৮২  ০০৭৬২০  ০০৯২৩৬  ০০৮২৪৭  ০১৩৬৬২  ০১০১৫৪	জাতীয় অর্থোপেডিক হাসপাতাল ও পুনর্বাসন প্রতিষ্ঠান (নিটোর), ঢাকা।
	০০৪৮০৯  ০০৪২৪৮  ০১০৭৭১  ০০৫০৬০  ০১৪২২৭  ০১৪৬৮৯  ০০৮০৬৭  ০১৫১৯১  ০০২৪০৬  ০০২৫২২
০০৯৩২১  ০০৩৪৪৮  ০১৬৬১৩  ০০৭৭১৪  ০১২৯৯৭  ০০৬২২৮  ০০৭৭৫১  ০০৪০৫৭  ০০৮২৮৯  ০০৯৪১৫
০০৭৯০৬  ০১৪৮১৪  ০১০৭০৬  ০১৩৪৬৫  ০০৪৩০৫  ০০৭৭৪৮  ০১৫১৩৪  ০০৫৫১০  ০০২২৬৭  ০০৫০৭২	শহীদ সোহরাওয়ার্দী হাসপাতাল, শের-ই-বাংলা নগর, ঢাকা
	০১৩১৩৯  ০০৮৫৪৩  ০০৬৩৯০  ০০৬৭০১  ০০৬৫৬৮  ০০৪৮১০  ০০২৫০১  ০১৬২৩৪  ০০৬৮৮২  ০১৩৭১৯
০০৩৫৫৮  ০০৫১৫১  ০০৮৮৯০  ০০৪৩৬৮  ০১০৯৭৯  ০০৯৫৩৯  ০০৭৩৩৯  ০০৪০৯৮  ০০৫১৬৩  ০০৮৭৪৬
০০৬৩৯১  ০০৬১২৫  ০১৪০৬১  ০১০১৯৭  ০০২১৯০  ০১৫১৮১  ০১৫৯৩৩  ০১৪০৮৯  ০১১৬৭৮  ০১০২৮৫	মুগদা মেডিকেল কলেজ হাসপাতাল, ঢাকা

৩০-০৭-১৯ ইং সকাল ৯.৩০ ঘটিকা	০১০০০২  ০০৬৯৮২  ০১০৬৬৬  ০০২১৭২  ০০৪১০৬  ০০৮৫৭০  ০০৭৭০৮  ০১৫৭১৪  ০১০৪২৪  ০০৫৬২২
০১০২২০  ০১০৯৩০  ০১৫৯৬৭  ০০৬১৯৯  ০০৪৯৬০  ০০৯৯৭১  ০০২৪৯৬  ০১৫৭৭৬  ০০৭৫৫২  ০০৭৭৬২
০০৫৬৩৮  ০০৫৪৬৯  ০১৪৪৩৬  ০১৬৯৫৪  ০০৩৭৮২  ০০৭৬২০  ০০৯২৩৬  ০০৮২৪৭  ০১৩৬৬২  ০১০১৫৪	ঢাকা মেডিকেল কলেজ হাসপাতাল, ঢাকা
	০০৪৮০৯  ০০৪২৪৮  ০১০৭৭১  ০০৫০৬০  ০১৪২২৭  ০১৪৬৮৯  ০০৮০৬৭  ০১৫১৯১  ০০২৪০৬  ০০২৫২২
০০৯৩২১  ০০৩৪৪৮  ০১৬৬১৩  ০০৭৭১৪  ০১২৯৯৭  ০০৬২২৮  ০০৭৭৫১  ০০৪০৫৭  ০০৮২৮৯  ০০৯৪১৫
০০৭৯০৬  ০১৪৮১৪  ০১০৭০৬  ০১৩৪৬৫  ০০৪৩০৫  ০০৭৭৪৮  ০১৫১৩৪  ০০৫৫১০  ০০২২৬৭  ০০৫০৭২	স্যার সলিমুল্লাহ মেডিকেল কলেজ মিটফোর্ড হাসপাতাল, ঢাকা
	০১৩১৩৯  ০০৮৫৪৩  ০০৬৩৯০  ০০৬৭০১  ০০৬৫৬৮  ০০৪৮১০  ০০২৫০১  ০১৬২৩৪  ০০৬৮৮২  ০১৩৭১৯
০০৩৫৫৮  ০০৫১৫১  ০০৮৮৯০  ০০৪৩৬৮  ০১০৯৭৯  ০০৯৫৩৯  ০০৭৩৩৯  ০০৪০৯৮  ০০৫১৬৩  ০০৮৭৪৬
০০৬৩৯১  ০০৬১২৫  ০১৪০৬১  ০১০১৯৭  ০০২১৯০  ০১৫১৮১  ০১৫৯৩৩  ০১৪০৮৯  ০১১৬৭৮  ০১০২৮৫	জাতীয় বক্ষ ব্যাধি ইনস্টিটিউট ও হাসপাতাল, মহাখালী, ঢাকা
	০১০০০২  ০০৬৯৮২  ০১০৬৬৬  ০০২১৭২  ০০৪১০৬  ০০৮৫৭০  ০০৭৭০৮  ০১৫৭১৪  ০১০৪২৪  ০০৫৬২২
০১০২২০  ০১০৯৩০  ০১৫৯৬৭  ০০৬১৯৯  ০০৪৯৬০  ০০৯৯৭১  ০০২৪৯৬  ০১৫৭৭৬  ০০৭৫৫২  ০০৭৭৬২
০০৫৬৩৮  ০০৫৪৬৯  ০১৪৪৩৬  ০১৬৯৫৪  ০০৩৭৮২  ০০৭৬২০  ০০৯২৩৬  ০০৮২৪৭  ০১৩৬৬২  ০১০১৫৪	জাতীয় অর্থোপেডিক হাসপাতাল ও পুনর্বাসন প্রতিষ্ঠান (নিটোর), ঢাকা।
	০০৪৮০৯  ০০৪২৪৮  ০১০৭৭১  ০০৫০৬০  ০১৪২২৭  ০১৪৬৮৯  ০০৮০৬৭  ০১৫১৯১  ০০২৪০৬  ০০২৫২২
০০৯৩২১  ০০৩৪৪৮  ০১৬৬১৩  ০০৭৭১৪  ০১২৯৯৭  ০০৬২২৮  ০০৭৭৫১  ০০৪০৫৭  ০০৮২৮৯  ০০৯৪১৫
০০৭৯০৬  ০১৪৮১৪  ০১০৭০৬  ০১৩৪৬৫  ০০৪৩০৫  ০০৭৭৪৮  ০১৫১৩৪  ০০৫৫১০  ০০২২৬৭  ০০৫০৭২	শহীদ সোহরাওয়ার্দী হাসপাতাল, শের-ই-বাংলা নগর, ঢাকা
	০১৩১৩৯  ০০৮৫৪৩  ০০৬৩৯০  ০০৬৭০১  ০০৬৫৬৮  ০০৪৮১০  ০০২৫০১  ০১৬২৩৪  ০০৬৮৮২  ০১৩৭১৯
০০৩৫৫৮  ০০৫১৫১  ০০৮৮৯০  ০০৪৩৬৮  ০১০৯৭৯  ০০৯৫৩৯  ০০৭৩৩৯  ০০৪০৯৮  ০০৫১৬৩  ০০৮৭৪৬
০০৬৩৯১  ০০৬১২৫  ০১৪০৬১  ০১০১৯৭  ০০২১৯০  ০১৫১৮১  ০১৫৯৩৩  ০১৪০৮৯  ০১১৬৭৮  ০১০২৮৫	মুগদা মেডিকেল কলেজ হাসপাতাল, ঢাকা

৩১-০৭-১৯ ইং সকাল ৯.৩০ ঘটিকা	০১০০০২  ০০৬৯৮২  ০১০৬৬৬  ০০২১৭২  ০০৪১০৬  ০০৮৫৭০  ০০৭৭০৮  ০১৫৭১৪  ০১০৪২৪  ০০৫৬২২
০১০২২০  ০১০৯৩০  ০১৫৯৬৭  ০০৬১৯৯  ০০৪৯৬০  ০০৯৯৭১  ০০২৪৯৬  ০১৫৭৭৬  ০০৭৫৫২  ০০৭৭৬২
০০৫৬৩৮  ০০৫৪৬৯  ০১৪৪৩৬  ০১৬৯৫৪  ০০৩৭৮২  ০০৭৬২০  ০০৯২৩৬  ০০৮২৪৭  ০১৩৬৬২  ০১০১৫৪	ঢাকা মেডিকেল কলেজ হাসপাতাল, ঢাকা
	০০৪৮০৯  ০০৪২৪৮  ০১০৭৭১  ০০৫০৬০  ০১৪২২৭  ০১৪৬৮৯  ০০৮০৬৭  ০১৫১৯১  ০০২৪০৬  ০০২৫২২
০০৯৩২১  ০০৩৪৪৮  ০১৬৬১৩  ০০৭৭১৪  ০১২৯৯৭  ০০৬২২৮  ০০৭৭৫১  ০০৪০৫৭  ০০৮২৮৯  ০০৯৪১৫
০০৭৯০৬  ০১৪৮১৪  ০১০৭০৬  ০১৩৪৬৫  ০০৪৩০৫  ০০৭৭৪৮  ০১৫১৩৪  ০০৫৫১০  ০০২২৬৭  ০০৫০৭২	স্যার সলিমুল্লাহ মেডিকেল কলেজ মিটফোর্ড হাসপাতাল, ঢাকা
	০১৩১৩৯  ০০৮৫৪৩  ০০৬৩৯০  ০০৬৭০১  ০০৬৫৬৮  ০০৪৮১০  ০০২৫০১  ০১৬২৩৪  ০০৬৮৮২  ০১৩৭১৯
০০৩৫৫৮  ০০৫১৫১  ০০৮৮৯০  ০০৪৩৬৮  ০১০৯৭৯  ০০৯৫৩৯  ০০৭৩৩৯  ০০৪০৯৮  ০০৫১৬৩  ০০৮৭৪৬
০০৬৩৯১  ০০৬১২৫  ০১৪০৬১  ০১০১৯৭  ০০২১৯০  ০১৫১৮১  ০১৫৯৩৩  ০১৪০৮৯  ০১১৬৭৮  ০১০২৮৫	জাতীয় বক্ষ ব্যাধি ইনস্টিটিউট ও হাসপাতাল, মহাখালী, ঢাকা
	০১০০০২  ০০৬৯৮২  ০১০৬৬৬  ০০২১৭২  ০০৪১০৬  ০০৮৫৭০  ০০৭৭০৮  ০১৫৭১৪  ০১০৪২৪  ০০৫৬২২
০১০২২০  ০১০৯৩০  ০১৫৯৬৭  ০০৬১৯৯  ০০৪৯৬০  ০০৯৯৭১  ০০২৪৯৬  ০১৫৭৭৬  ০০৭৫৫২  ০০৭৭৬২
০০৫৬৩৮  ০০৫৪৬৯  ০১৪৪৩৬  ০১৬৯৫৪  ০০৩৭৮২  ০০৭৬২০  ০০৯২৩৬  ০০৮২৪৭  ০১৩৬৬২  ০১০১৫৪	জাতীয় অর্থোপেডিক হাসপাতাল ও পুনর্বাসন প্রতিষ্ঠান (নিটোর), ঢাকা।
	০০৪৮০৯  ০০৪২৪৮  ০১০৭৭১  ০০৫০৬০  ০১৪২২৭  ০১৪৬৮৯  ০০৮০৬৭  ০১৫১৯১  ০০২৪০৬  ০০২৫২২
০০৯৩২১  ০০৩৪৪৮  ০১৬৬১৩  ০০৭৭১৪  ০১২৯৯৭  ০০৬২২৮  ০০৭৭৫১  ০০৪০৫৭  ০০৮২৮৯  ০০৯৪১৫
০০৭৯০৬  ০১৪৮১৪  ০১০৭০৬  ০১৩৪৬৫  ০০৪৩০৫  ০০৭৭৪৮  ০১৫১৩৪  ০০৫৫১০  ০০২২৬৭  ০০৫০৭২	শহীদ সোহরাওয়ার্দী হাসপাতাল, শের-ই-বাংলা নগর, ঢাকা
	০১৩১৩৯  ০০৮৫৪৩  ০০৬৩৯০  ০০৬৭০১  ০০৬৫৬৮  ০০৪৮১০  ০০২৫০১  ০১৬২৩৪  ০০৬৮৮২  ০১৩৭১৯
০০৩৫৫৮  ০০৫১৫১  ০০৮৮৯০  ০০৪৩৬৮  ০১০৯৭৯  ০০৯৫৩৯  ০০৭৩৩৯  ০০৪০৯৮  ০০৫১৬৩  ০০৮৭৪৬
০০৬৩৯১  ০০৬১২৫  ০১৪০৬১  ০১০১৯৭  ০০২১৯০  ০১৫১৮১  ০১৫৯৩৩  ০১৪০৮৯  ০১১৬৭৮  ০১০২৮৫	মুগদা মেডিকেল কলেজ হাসপাতাল, ঢাকা

০১-০৮-১৯ ইং সকাল ৯.৩০ ঘটিকা	০১০০০২  ০০৬৯৮২  ০১০৬৬৬  ০০২১৭২  ০০৪১০৬  ০০৮৫৭০  ০০৭৭০৮  ০১৫৭১৪  ০১০৪২৪  ০০৫৬২২
০১০২২০  ০১০৯৩০  ০১৫৯৬৭  ০০৬১৯৯  ০০৪৯৬০  ০০৯৯৭১  ০০২৪৯৬  ০১৫৭৭৬  ০০৭৫৫২  ০০৭৭৬২
০০৫৬৩৮  ০০৫৪৬৯  ০১৪৪৩৬  ০১৬৯৫৪  ০০৩৭৮২  ০০৭৬২০  ০০৯২৩৬  ০০৮২৪৭  ০১৩৬৬২  ০১০১৫৪	ঢাকা মেডিকেল কলেজ হাসপাতাল, ঢাকা
	০০৪৮০৯  ০০৪২৪৮  ০১০৭৭১  ০০৫০৬০  ০১৪২২৭  ০১৪৬৮৯  ০০৮০৬৭  ০১৫১৯১  ০০২৪০৬  ০০২৫২২
০০৯৩২১  ০০৩৪৪৮  ০১৬৬১৩  ০০৭৭১৪  ০১২৯৯৭  ০০৬২২৮  ০০৭৭৫১  ০০৪০৫৭  ০০৮২৮৯  ০০৯৪১৫
০০৭৯০৬  ০১৪৮১৪  ০১০৭০৬  ০১৩৪৬৫  ০০৪৩০৫  ০০৭৭৪৮  ০১৫১৩৪  ০০৫৫১০  ০০২২৬৭  ০০৫০৭২	স্যার সলিমুল্লাহ মেডিকেল কলেজ মিটফোর্ড হাসপাতাল, ঢাকা
	০১৩১৩৯  ০০৮৫৪৩  ০০৬৩৯০  ০০৬৭০১  ০০৬৫৬৮  ০০৪৮১০  ০০২৫০১  ০১৬২৩৪  ০০৬৮৮২  ০১৩৭১৯
০০৩৫৫৮  ০০৫১৫১  ০০৮৮৯০  ০০৪৩৬৮  ০১০৯৭৯  ০০৯৫৩৯  ০০৭৩৩৯  ০০৪০৯৮  ০০৫১৬৩  ০০৮৭৪৬
০০৬৩৯১  ০০৬১২৫  ০১৪০৬১  ০১০১৯৭  ০০২১৯০  ০১৫১৮১  ০১৫৯৩৩  ০১৪০৮৯  ০১১৬৭৮  ০১০২৮৫	জাতীয় বক্ষ ব্যাধি ইনস্টিটিউট ও হাসপাতাল, মহাখালী, ঢাকা
	০১০০০২  ০০৬৯৮২  ০১০৬৬৬  ০০২১৭২  ০০৪১০৬  ০০৮৫৭০  ০০৭৭০৮  ০১৫৭১৪  ০১০৪২৪  ০০৫৬২২
০১০২২০  ০১০৯৩০  ০১৫৯৬৭  ০০৬১৯৯  ০০৪৯৬০  ০০৯৯৭১  ০০২৪৯৬  ০১৫৭৭৬  ০০৭৫৫২  ০০৭৭৬২
০০৫৬৩৮  ০০৫৪৬৯  ০১৪৪৩৬  ০১৬৯৫৪  ০০৩৭৮২  ০০৭৬২০  ০০৯২৩৬  ০০৮২৪৭  ০১৩৬৬২  ০১০১৫৪	জাতীয় অর্থোপেডিক হাসপাতাল ও পুনর্বাসন প্রতিষ্ঠান (নিটোর), ঢাকা।
	০০৪৮০৯  ০০৪২৪৮  ০১০৭৭১  ০০৫০৬০  ০১৪২২৭  ০১৪৬৮৯  ০০৮০৬৭  ০১৫১৯১  ০০২৪০৬  ০০২৫২২
০০৯৩২১  ০০৩৪৪৮  ০১৬৬১৩  ০০৭৭১৪  ০১২৯৯৭  ০০৬২২৮  ০০৭৭৫১  ০০৪০৫৭  ০০৮২৮৯  ০০৯৪১৫
০০৭৯০৬  ০১৪৮১৪  ০১০৭০৬  ০১৩৪৬৫  ০০৪৩০৫  ০০৭৭৪৮  ০১৫১৩৪  ০০৫৫১০  ০০২২৬৭  ০০৫০৭২	শহীদ সোহরাওয়ার্দী হাসপাতাল, শের-ই-বাংলা নগর, ঢাকা
	০১৩১৩৯  ০০৮৫৪৩  ০০৬৩৯০  ০০৬৭০১  ০০৬৫৬৮  ০০৪৮১০  ০০২৫০১  ০১৬২৩৪  ০০৬৮৮২  ০১৩৭১৯
০০৩৫৫৮  ০০৫১৫১  ০০৮৮৯০  ০০৪৩৬৮  ০১০৯৭৯  ০০৯৫৩৯  ০০৭৩৩৯  ০০৪০৯৮  ০০৫১৬৩  ০০৮৭৪৬
০০৬৩৯১  ০০৬১২৫  ০১৪০৬১  ০১০১৯৭  ০০২১৯০  ০১৫১৮১  ০১৫৯৩৩  ০১৪০৮৯  ০১১৬৭৮  ০১০২৮৫	মুগদা মেডিকেল কলেজ হাসপাতাল, ঢাকা

০৪-০৮-১৯ ইং সকাল ৯.৩০ ঘটিকা	০১০০০২  ০০৬৯৮২  ০১০৬৬৬  ০০২১৭২  ০০৪১০৬  ০০৮৫৭০  ০০৭৭০৮  ০১৫৭১৪  ০১০৪২৪  ০০৫৬২২
০১০২২০  ০১০৯৩০  ০১৫৯৬৭  ০০৬১৯৯  ০০৪৯৬০  ০০৯৯৭১  ০০২৪৯৬  ০১৫৭৭৬  ০০৭৫৫২  ০০৭৭৬২
০০৫৬৩৮  ০০৫৪৬৯  ০১৪৪৩৬  ০১৬৯৫৪  ০০৩৭৮২  ০০৭৬২০  ০০৯২৩৬  ০০৮২৪৭  ০১৩৬৬২  ০১০১৫৪	ঢাকা মেডিকেল কলেজ হাসপাতাল, ঢাকা
	০০৪৮০৯  ০০৪২৪৮  ০১০৭৭১  ০০৫০৬০  ০১৪২২৭  ০১৪৬৮৯  ০০৮০৬৭  ০১৫১৯১  ০০২৪০৬  ০০২৫২২
০০৯৩২১  ০০৩৪৪৮  ০১৬৬১৩  ০০৭৭১৪  ০১২৯৯৭  ০০৬২২৮  ০০৭৭৫১  ০০৪০৫৭  ০০৮২৮৯  ০০৯৪১৫
০০৭৯০৬  ০১৪৮১৪  ০১০৭০৬  ০১৩৪৬৫  ০০৪৩০৫  ০০৭৭৪৮  ০১৫১৩৪  ০০৫৫১০  ০০২২৬৭  ০০৫০৭২	স্যার সলিমুল্লাহ মেডিকেল কলেজ মিটফোর্ড হাসপাতাল, ঢাকা
	০১৩১৩৯  ০০৮৫৪৩  ০০৬৩৯০  ০০৬৭০১  ০০৬৫৬৮  ০০৪৮১০  ০০২৫০১  ০১৬২৩৪  ০০৬৮৮২  ০১৩৭১৯
০০৩৫৫৮  ০০৫১৫১  ০০৮৮৯০  ০০৪৩৬৮  ০১০৯৭৯  ০০৯৫৩৯  ০০৭৩৩৯  ০০৪০৯৮  ০০৫১৬৩  ০০৮৭৪৬
০০৬৩৯১  ০০৬১২৫  ০১৪০৬১  ০১০১৯৭  ০০২১৯০  ০১৫১৮১  ০১৫৯৩৩  ০১৪০৮৯  ০১১৬৭৮  ০১০২৮৫	জাতীয় বক্ষ ব্যাধি ইনস্টিটিউট ও হাসপাতাল, মহাখালী, ঢাকা
	০১০০০২  ০০৬৯৮২  ০১০৬৬৬  ০০২১৭২  ০০৪১০৬  ০০৮৫৭০  ০০৭৭০৮  ০১৫৭১৪  ০১০৪২৪  ০০৫৬২২
০১০২২০  ০১০৯৩০  ০১৫৯৬৭  ০০৬১৯৯  ০০৪৯৬০  ০০৯৯৭১  ০০২৪৯৬  ০১৫৭৭৬  ০০৭৫৫২  ০০৭৭৬২
০০৫৬৩৮  ০০৫৪৬৯  ০১৪৪৩৬  ০১৬৯৫৪  ০০৩৭৮২  ০০৭৬২০  ০০৯২৩৬  ০০৮২৪৭  ০১৩৬৬২  ০১০১৫৪	জাতীয় অর্থোপেডিক হাসপাতাল ও পুনর্বাসন প্রতিষ্ঠান (নিটোর), ঢাকা।
	০০৪৮০৯  ০০৪২৪৮  ০১০৭৭১  ০০৫০৬০  ০১৪২২৭  ০১৪৬৮৯  ০০৮০৬৭  ০১৫১৯১  ০০২৪০৬  ০০২৫২২
০০৯৩২১  ০০৩৪৪৮  ০১৬৬১৩  ০০৭৭১৪  ০১২৯৯৭  ০০৬২২৮  ০০৭৭৫১  ০০৪০৫৭  ০০৮২৮৯  ০০৯৪১৫
০০৭৯০৬  ০১৪৮১৪  ০১০৭০৬  ০১৩৪৬৫  ০০৪৩০৫  ০০৭৭৪৮  ০১৫১৩৪  ০০৫৫১০  ০০২২৬৭  ০০৫০৭২	শহীদ সোহরাওয়ার্দী হাসপাতাল, শের-ই-বাংলা নগর, ঢাকা
	০১৩১৩৯  ০০৮৫৪৩  ০০৬৩৯০  ০০৬৭০১  ০০৬৫৬৮  ০০৪৮১০  ০০২৫০১  ০১৬২৩৪  ০০৬৮৮২  ০১৩৭১৯
০০৩৫৫৮  ০০৫১৫১  ০০৮৮৯০  ০০৪৩৬৮  ০১০৯৭৯  ০০৯৫৩৯  ০০৭৩৩৯  ০০৪০৯৮  ০০৫১৬৩  ০০৮৭৪৬
০০৬৩৯১  ০০৬১২৫  ০১৪০৬১  ০১০১৯৭  ০০২১৯০  ০১৫১৮১  ০১৫৯৩৩  ০১৪০৮৯  ০১১৬৭৮  ০১০২৮৫	মুগদা মেডিকেল কলেজ হাসপাতাল, ঢাকা

০৫-০৮-১৯ ইং সকাল ৯.৩০ ঘটিকা	০১০০০২  ০০৬৯৮২  ০১০৬৬৬  ০০২১৭২  ০০৪১০৬  ০০৮৫৭০  ০০৭৭০৮  ০১৫৭১৪  ০১০৪২৪  ০০৫৬২২
০১০২২০  ০১০৯৩০  ০১৫৯৬৭  ০০৬১৯৯  ০০৪৯৬০  ০০৯৯৭১  ০০২৪৯৬  ০১৫৭৭৬  ০০৭৫৫২  ০০৭৭৬২
০০৫৬৩৮  ০০৫৪৬৯  ০১৪৪৩৬  ০১৬৯৫৪  ০০৩৭৮২  ০০৭৬২০  ০০৯২৩৬  ০০৮২৪৭  ০১৩৬৬২  ০১০১৫৪	ঢাকা মেডিকেল কলেজ হাসপাতাল, ঢাকা
	০০৪৮০৯  ০০৪২৪৮  ০১০৭৭১  ০০৫০৬০  ০১৪২২৭  ০১৪৬৮৯  ০০৮০৬৭  ০১৫১৯১  ০০২৪০৬  ০০২৫২২
০০৯৩২১  ০০৩৪৪৮  ০১৬৬১৩  ০০৭৭১৪  ০১২৯৯৭  ০০৬২২৮  ০০৭৭৫১  ০০৪০৫৭  ০০৮২৮৯  ০০৯৪১৫
০০৭৯০৬  ০১৪৮১৪  ০১০৭০৬  ০১৩৪৬৫  ০০৪৩০৫  ০০৭৭৪৮  ০১৫১৩৪  ০০৫৫১০  ০০২২৬৭  ০০৫০৭২	স্যার সলিমুল্লাহ মেডিকেল কলেজ মিটফোর্ড হাসপাতাল, ঢাকা
	০১৩১৩৯  ০০৮৫৪৩  ০০৬৩৯০  ০০৬৭০১  ০০৬৫৬৮  ০০৪৮১০  ০০২৫০১  ০১৬২৩৪  ০০৬৮৮২  ০১৩৭১৯
০০৩৫৫৮  ০০৫১৫১  ০০৮৮৯০  ০০৪৩৬৮  ০১০৯৭৯  ০০৯৫৩৯  ০০৭৩৩৯  ০০৪০৯৮  ০০৫১৬৩  ০০৮৭৪৬
০০৬৩৯১  ০০৬১২৫  ০১৪০৬১  ০১০১৯৭  ০০২১৯০  ০১৫১৮১  ০১৫৯৩৩  ০১৪০৮৯  ০১১৬৭৮  ০১০২৮৫	জাতীয় বক্ষ ব্যাধি ইনস্টিটিউট ও হাসপাতাল, মহাখালী, ঢাকা
	০১০০০২  ০০৬৯৮২  ০১০৬৬৬  ০০২১৭২  ০০৪১০৬  ০০৮৫৭০  ০০৭৭০৮  ০১৫৭১৪  ০১০৪২৪  ০০৫৬২২
০১০২২০  ০১০৯৩০  ০১৫৯৬৭  ০০৬১৯৯  ০০৪৯৬০  ০০৯৯৭১  ০০২৪৯৬  ০১৫৭৭৬  ০০৭৫৫২  ০০৭৭৬২
০০৫৬৩৮  ০০৫৪৬৯  ০১৪৪৩৬  ০১৬৯৫৪  ০০৩৭৮২  ০০৭৬২০  ০০৯২৩৬  ০০৮২৪৭  ০১৩৬৬২  ০১০১৫৪	জাতীয় অর্থোপেডিক হাসপাতাল ও পুনর্বাসন প্রতিষ্ঠান (নিটোর), ঢাকা।
	০০৪৮০৯  ০০৪২৪৮  ০১০৭৭১  ০০৫০৬০  ০১৪২২৭  ০১৪৬৮৯  ০০৮০৬৭  ০১৫১৯১  ০০২৪০৬  ০০২৫২২
০০৯৩২১  ০০৩৪৪৮  ০১৬৬১৩  ০০৭৭১৪  ০১২৯৯৭  ০০৬২২৮  ০০৭৭৫১  ০০৪০৫৭  ০০৮২৮৯  ০০৯৪১৫
০০৭৯০৬  ০১৪৮১৪  ০১০৭০৬  ০১৩৪৬৫  ০০৪৩০৫  ০০৭৭৪৮  ০১৫১৩৪  ০০৫৫১০  ০০২২৬৭  ০০৫০৭২	শহীদ সোহরাওয়ার্দী হাসপাতাল, শের-ই-বাংলা নগর, ঢাকা
	০১৩১৩৯  ০০৮৫৪৩  ০০৬৩৯০  ০০৬৭০১  ০০৬৫৬৮  ০০৪৮১০  ০০২৫০১  ০১৬২৩৪  ০০৬৮৮২  ০১৩৭১৯
০০৩৫৫৮  ০০৫১৫১  ০০৮৮৯০  ০০৪৩৬৮  ০১০৯৭৯  ০০৯৫৩৯  ০০৭৩৩৯  ০০৪০৯৮  ০০৫১৬৩  ০০৮৭৪৬
০০৬৩৯১  ০০৬১২৫  ০১৪০৬১  ০১০১৯৭  ০০২১৯০  ০১৫১৮১  ০১৫৯৩৩  ০১৪০৮৯  ০১১৬৭৮  ০১০২৮৫	মুগদা মেডিকেল কলেজ হাসপাতাল, ঢাকা
বাকি অংশ ৭-এর পাতায়
